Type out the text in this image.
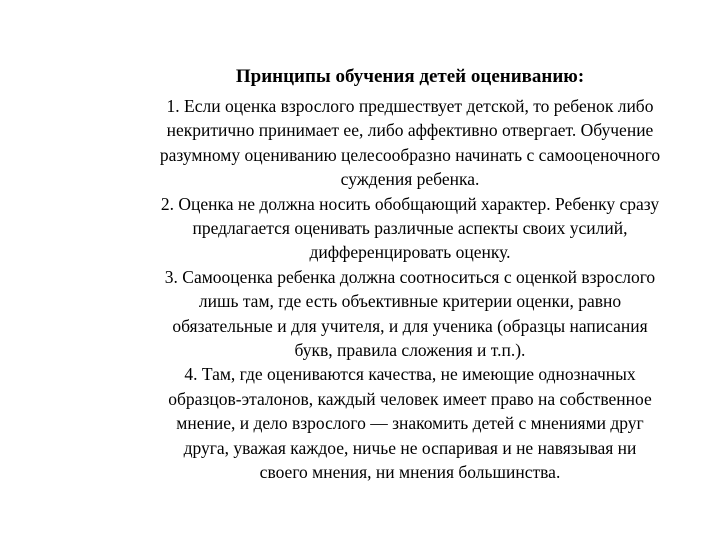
Принципы обучения детей оцениванию:
1. Если оценка взрослого предшествует детской, то ребенок либо
некритично принимает ее, либо аффективно отвергает. Обучение
разумному оцениванию целесообразно начинать с самооценочного
суждения ребенка.
2. Оценка не должна носить обобщающий характер. Ребенку сразу
предлагается оценивать различные аспекты своих усилий,
дифференцировать оценку.
3. Самооценка ребенка должна соотноситься с оценкой взрослого
лишь там, где есть объективные критерии оценки, равно
обязательные и для учителя, и для ученика (образцы написания
букв, правила сложения и т.п.).
4. Там, где оцениваются качества, не имеющие однозначных
образцов-эталонов, каждый человек имеет право на собственное
мнение, и дело взрослого — знакомить детей с мнениями друг
друга, уважая каждое, ничье не оспаривая и не навязывая ни
своего мнения, ни мнения большинства.
